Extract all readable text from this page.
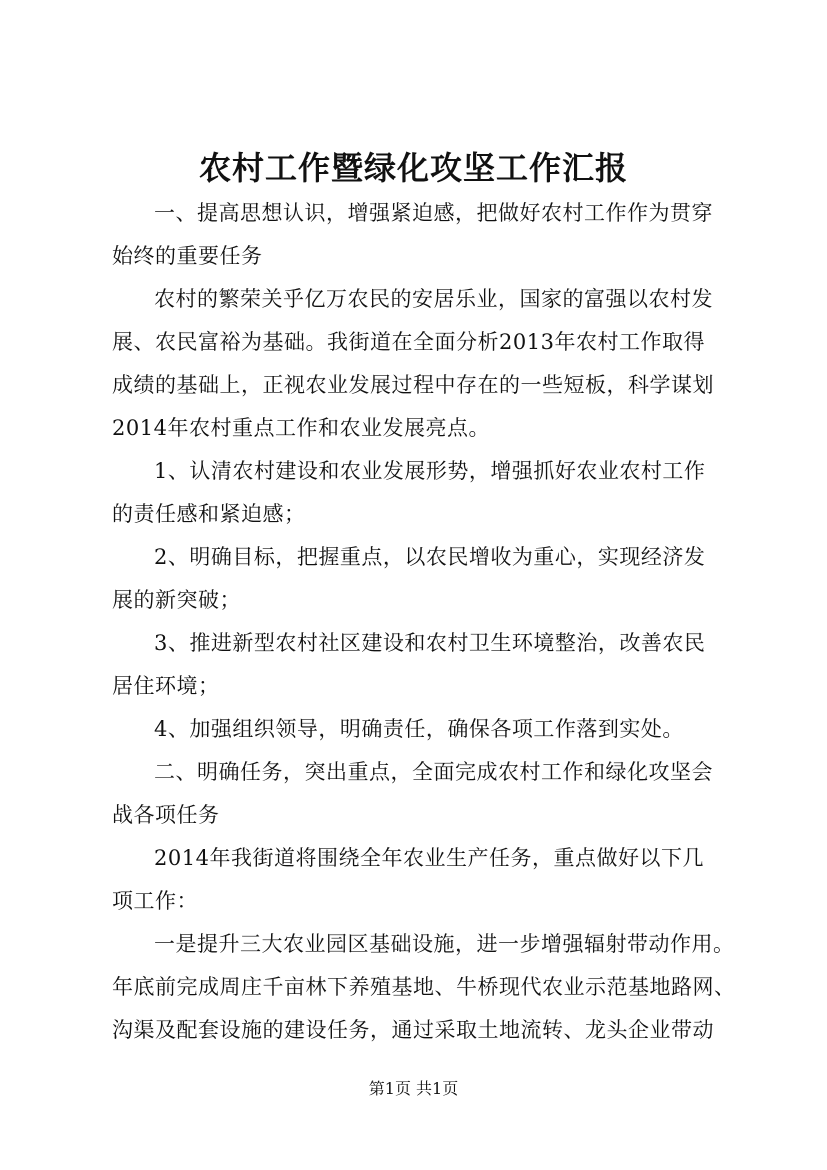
农村工作暨绿化攻坚工作汇报
一、提高思想认识，增强紧迫感，把做好农村工作作为贯穿
始终的重要任务
农村的繁荣关乎亿万农民的安居乐业，国家的富强以农村发
展、农民富裕为基础。我街道在全面分析2013年农村工作取得
成绩的基础上，正视农业发展过程中存在的一些短板，科学谋划
2014年农村重点工作和农业发展亮点。
1、认清农村建设和农业发展形势，增强抓好农业农村工作
的责任感和紧迫感；
2、明确目标，把握重点，以农民增收为重心，实现经济发
展的新突破；
3、推进新型农村社区建设和农村卫生环境整治，改善农民
居住环境；
4、加强组织领导，明确责任，确保各项工作落到实处。
二、明确任务，突出重点，全面完成农村工作和绿化攻坚会
战各项任务
2014年我街道将围绕全年农业生产任务，重点做好以下几
项工作：
一是提升三大农业园区基础设施，进一步增强辐射带动作用。
年底前完成周庄千亩林下养殖基地、牛桥现代农业示范基地路网、
沟渠及配套设施的建设任务，通过采取土地流转、龙头企业带动
第1页 共1页
